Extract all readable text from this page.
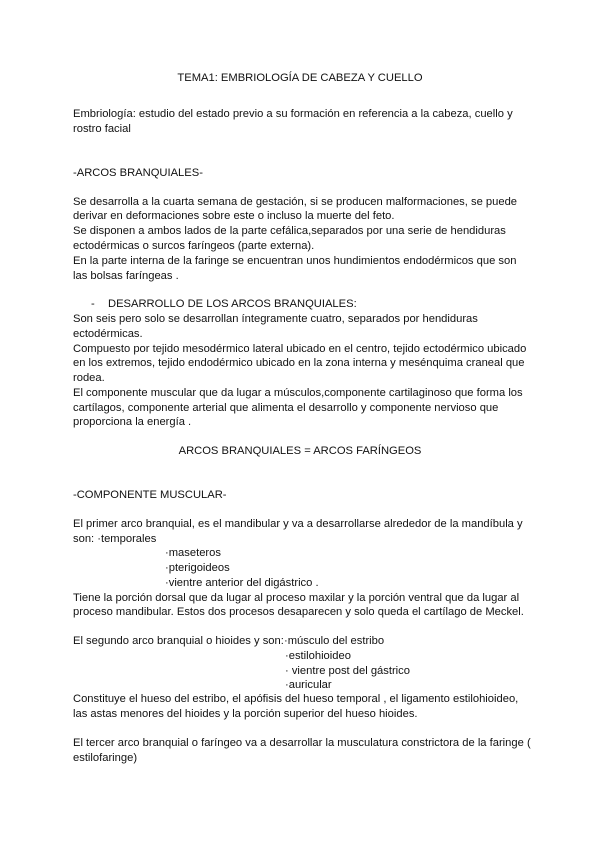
TEMA1: EMBRIOLOGÍA DE CABEZA Y CUELLO
Embriología: estudio del estado previo a su formación en referencia a la cabeza, cuello y
rostro facial
-ARCOS BRANQUIALES-
Se desarrolla a la cuarta semana de gestación, si se producen malformaciones, se puede
derivar en deformaciones sobre este o incluso la muerte del feto.
Se disponen a ambos lados de la parte cefálica,separados por una serie de hendiduras
ectodérmicas o surcos faríngeos (parte externa).
En la parte interna de la faringe se encuentran unos hundimientos endodérmicos que son
las bolsas faríngeas .
- DESARROLLO DE LOS ARCOS BRANQUIALES:
Son seis pero solo se desarrollan íntegramente cuatro, separados por hendiduras
ectodérmicas.
Compuesto por tejido mesodérmico lateral ubicado en el centro, tejido ectodérmico ubicado
en los extremos, tejido endodérmico ubicado en la zona interna y mesénquima craneal que
rodea.
El componente muscular que da lugar a músculos,componente cartilaginoso que forma los
cartílagos, componente arterial que alimenta el desarrollo y componente nervioso que
proporciona la energía .
ARCOS BRANQUIALES = ARCOS FARÍNGEOS
-COMPONENTE MUSCULAR-
El primer arco branquial, es el mandibular y va a desarrollarse alrededor de la mandíbula y
son: ·temporales
·maseteros
·pterigoideos
·vientre anterior del digástrico .
Tiene la porción dorsal que da lugar al proceso maxilar y la porción ventral que da lugar al
proceso mandibular. Estos dos procesos desaparecen y solo queda el cartílago de Meckel.
El segundo arco branquial o hioides y son: ·músculo del estribo
·estilohioideo
· vientre post del gástrico
·auricular
Constituye el hueso del estribo, el apófisis del hueso temporal , el ligamento estilohioideo,
las astas menores del hioides y la porción superior del hueso hioides.
El tercer arco branquial o faríngeo va a desarrollar la musculatura constrictora de la faringe (
estilofaringe)
